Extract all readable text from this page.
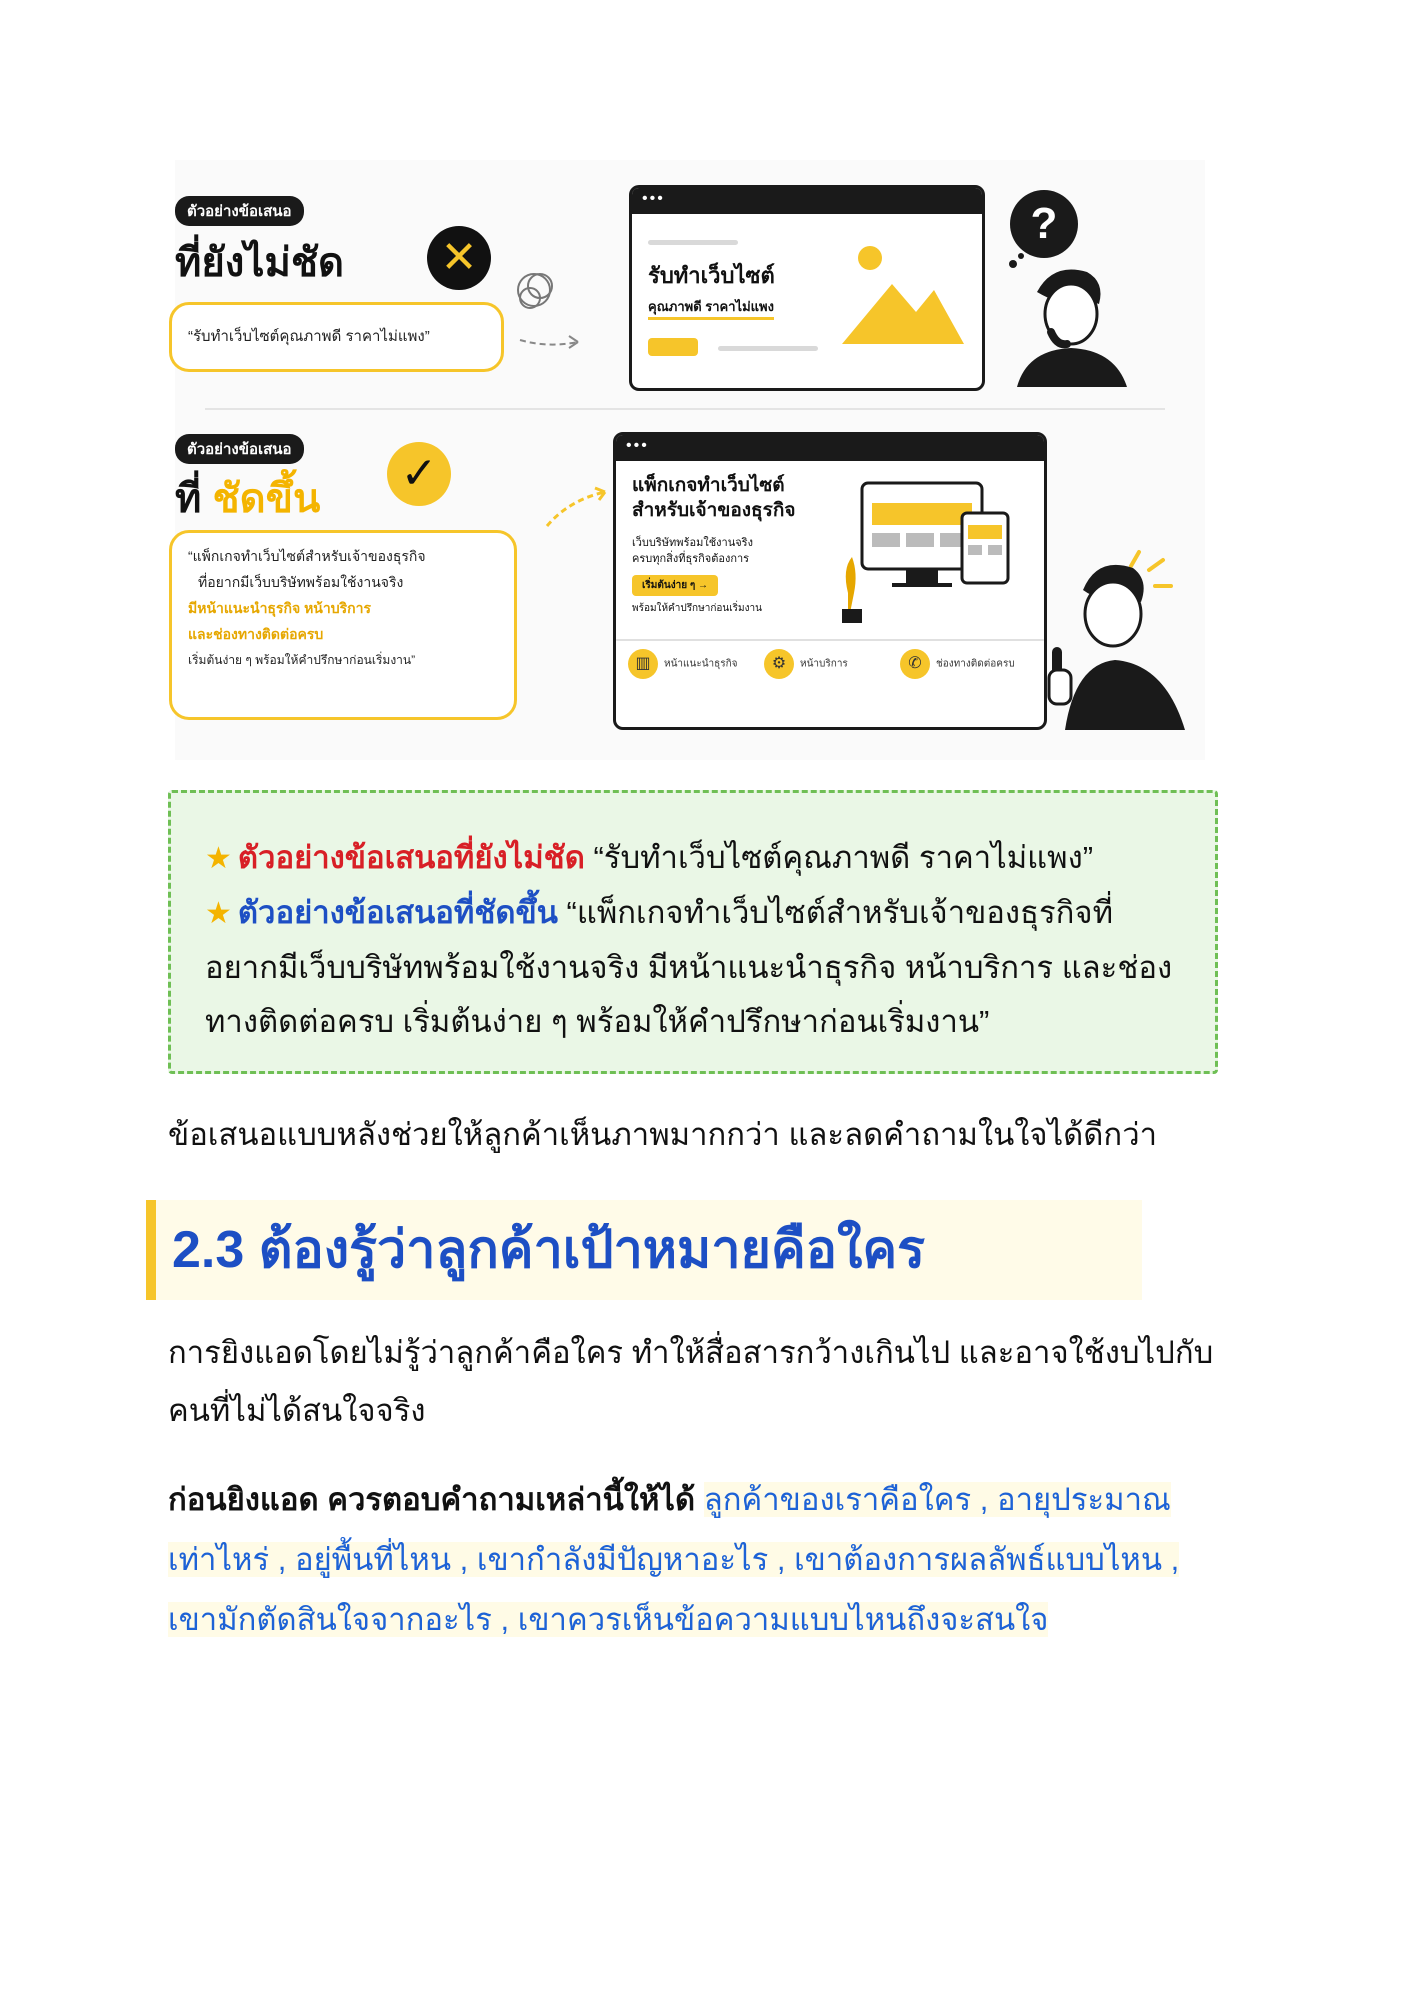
ตัวอย่างข้อเสนอ
ที่ยังไม่ชัด	✕
“รับทำเว็บไซต์คุณภาพดี ราคาไม่แพง”
•••
รับทำเว็บไซต์
คุณภาพดี ราคาไม่แพง
?
ตัวอย่างข้อเสนอ
ที่ ชัดขึ้น
✓
“แพ็กเกจทำเว็บไซต์สำหรับเจ้าของธุรกิจ
ที่อยากมีเว็บบริษัทพร้อมใช้งานจริง
มีหน้าแนะนำธุรกิจ หน้าบริการ
และช่องทางติดต่อครบ
เริ่มต้นง่าย ๆ พร้อมให้คำปรึกษาก่อนเริ่มงาน”
•••
แพ็กเกจทำเว็บไซต์
สำหรับเจ้าของธุรกิจ
เว็บบริษัทพร้อมใช้งานจริง
ครบทุกสิ่งที่ธุรกิจต้องการ
เริ่มต้นง่าย ๆ →
พร้อมให้คำปรึกษาก่อนเริ่มงาน
▥ หน้าแนะนำธุรกิจ	⚙ หน้าบริการ	✆ ช่องทางติดต่อครบ
★ ตัวอย่างข้อเสนอที่ยังไม่ชัด “รับทำเว็บไซต์คุณภาพดี ราคาไม่แพง”
★ ตัวอย่างข้อเสนอที่ชัดขึ้น “แพ็กเกจทำเว็บไซต์สำหรับเจ้าของธุรกิจที่
อยากมีเว็บบริษัทพร้อมใช้งานจริง มีหน้าแนะนำธุรกิจ หน้าบริการ และช่อง
ทางติดต่อครบ เริ่มต้นง่าย ๆ พร้อมให้คำปรึกษาก่อนเริ่มงาน”
ข้อเสนอแบบหลังช่วยให้ลูกค้าเห็นภาพมากกว่า และลดคำถามในใจได้ดีกว่า
2.3 ต้องรู้ว่าลูกค้าเป้าหมายคือใคร
การยิงแอดโดยไม่รู้ว่าลูกค้าคือใคร ทำให้สื่อสารกว้างเกินไป และอาจใช้งบไปกับ
คนที่ไม่ได้สนใจจริง
ก่อนยิงแอด ควรตอบคำถามเหล่านี้ให้ได้ ลูกค้าของเราคือใคร , อายุประมาณ
เท่าไหร่ , อยู่พื้นที่ไหน , เขากำลังมีปัญหาอะไร , เขาต้องการผลลัพธ์แบบไหน ,
เขามักตัดสินใจจากอะไร , เขาควรเห็นข้อความแบบไหนถึงจะสนใจ
